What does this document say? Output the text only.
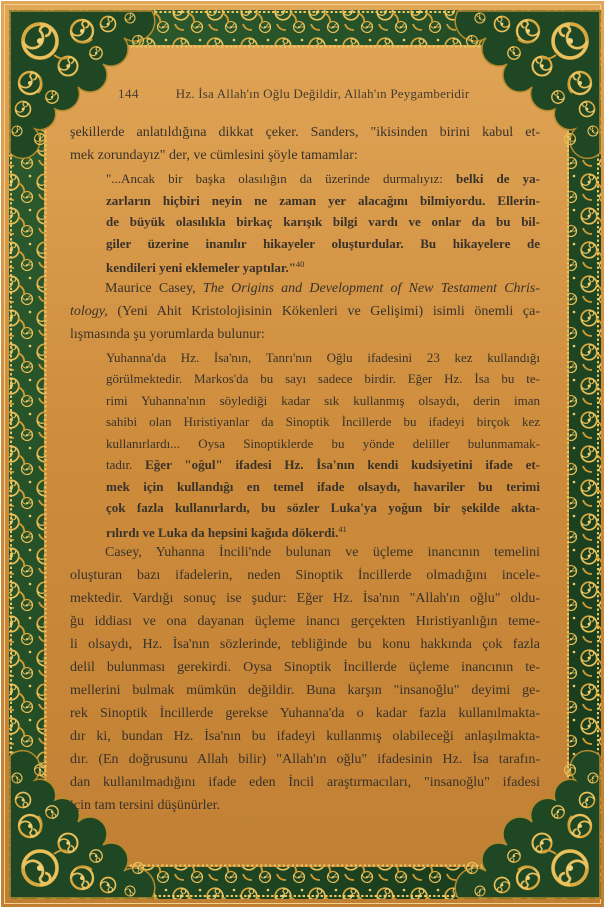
144	Hz. İsa Allah'ın Oğlu Değildir, Allah'ın Peygamberidir
şekillerde anlatıldığına dikkat çeker. Sanders, "ikisinden birini kabul et-
mek zorundayız" der, ve cümlesini şöyle tamamlar:
"...Ancak bir başka olasılığın da üzerinde durmalıyız: belki de ya-
zarların hiçbiri neyin ne zaman yer alacağını bilmiyordu. Ellerin-
de büyük olasılıkla birkaç karışık bilgi vardı ve onlar da bu bil-
giler üzerine inanılır hikayeler oluşturdular. Bu hikayelere de
kendileri yeni eklemeler yaptılar."$^{40}$
Maurice Casey, The Origins and Development of New Testament Chris-
tology, (Yeni Ahit Kristolojisinin Kökenleri ve Gelişimi) isimli önemli ça-
lışmasında şu yorumlarda bulunur:
Yuhanna'da Hz. İsa'nın, Tanrı'nın Oğlu ifadesini 23 kez kullandığı
görülmektedir. Markos'da bu sayı sadece birdir. Eğer Hz. İsa bu te-
rimi Yuhanna'nın söylediği kadar sık kullanmış olsaydı, derin iman
sahibi olan Hıristiyanlar da Sinoptik İncillerde bu ifadeyi birçok kez
kullanırlardı... Oysa Sinoptiklerde bu yönde deliller bulunmamak-
tadır. Eğer "oğul" ifadesi Hz. İsa'nın kendi kudsiyetini ifade et-
mek için kullandığı en temel ifade olsaydı, havariler bu terimi
çok fazla kullanırlardı, bu sözler Luka'ya yoğun bir şekilde akta-
rılırdı ve Luka da hepsini kağıda dökerdi.$^{41}$
Casey, Yuhanna İncili'nde bulunan ve üçleme inancının temelini
oluşturan bazı ifadelerin, neden Sinoptik İncillerde olmadığını incele-
mektedir. Vardığı sonuç ise şudur: Eğer Hz. İsa'nın "Allah'ın oğlu" oldu-
ğu iddiası ve ona dayanan üçleme inancı gerçekten Hıristiyanlığın teme-
li olsaydı, Hz. İsa'nın sözlerinde, tebliğinde bu konu hakkında çok fazla
delil bulunması gerekirdi. Oysa Sinoptik İncillerde üçleme inancının te-
mellerini bulmak mümkün değildir. Buna karşın "insanoğlu" deyimi ge-
rek Sinoptik İncillerde gerekse Yuhanna'da o kadar fazla kullanılmakta-
dır ki, bundan Hz. İsa'nın bu ifadeyi kullanmış olabileceği anlaşılmakta-
dır. (En doğrusunu Allah bilir) "Allah'ın oğlu" ifadesinin Hz. İsa tarafın-
dan kullanılmadığını ifade eden İncil araştırmacıları, "insanoğlu" ifadesi
için tam tersini düşünürler.
